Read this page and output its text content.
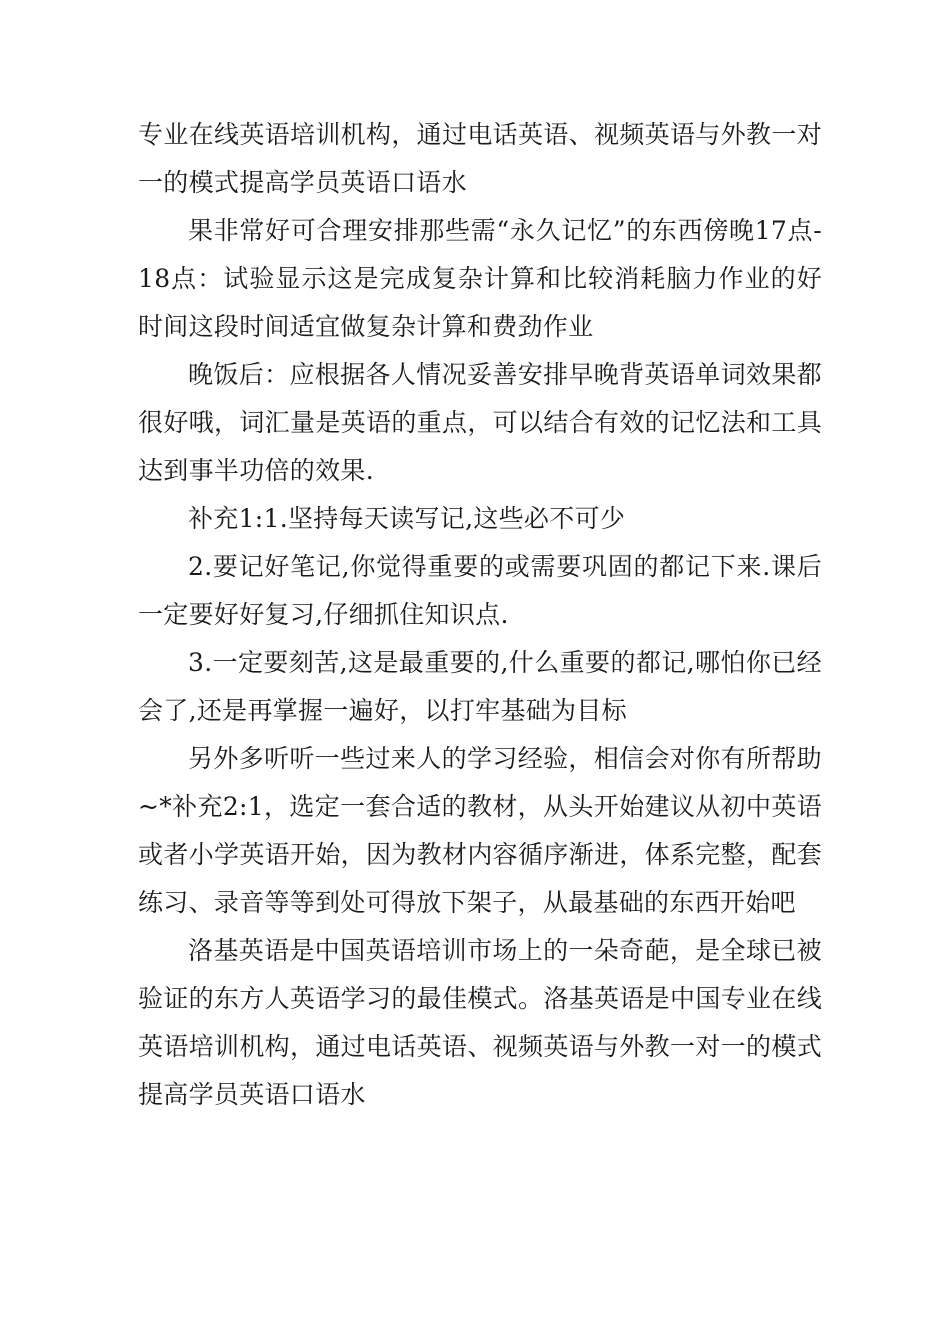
专业在线英语培训机构，通过电话英语、视频英语与外教一对一的模式提高学员英语口语水

果非常好可合理安排那些需“永久记忆”的东西傍晚17点-18点：试验显示这是完成复杂计算和比较消耗脑力作业的好时间这段时间适宜做复杂计算和费劲作业

晚饭后：应根据各人情况妥善安排早晚背英语单词效果都很好哦，词汇量是英语的重点，可以结合有效的记忆法和工具达到事半功倍的效果.

补充1:1.坚持每天读写记,这些必不可少

2.要记好笔记,你觉得重要的或需要巩固的都记下来.课后一定要好好复习,仔细抓住知识点.

3.一定要刻苦,这是最重要的,什么重要的都记,哪怕你已经会了,还是再掌握一遍好，以打牢基础为目标

另外多听听一些过来人的学习经验，相信会对你有所帮助~*补充2:1，选定一套合适的教材，从头开始建议从初中英语或者小学英语开始，因为教材内容循序渐进，体系完整，配套练习、录音等等到处可得放下架子，从最基础的东西开始吧

洛基英语是中国英语培训市场上的一朵奇葩，是全球已被验证的东方人英语学习的最佳模式。洛基英语是中国专业在线英语培训机构，通过电话英语、视频英语与外教一对一的模式提高学员英语口语水
